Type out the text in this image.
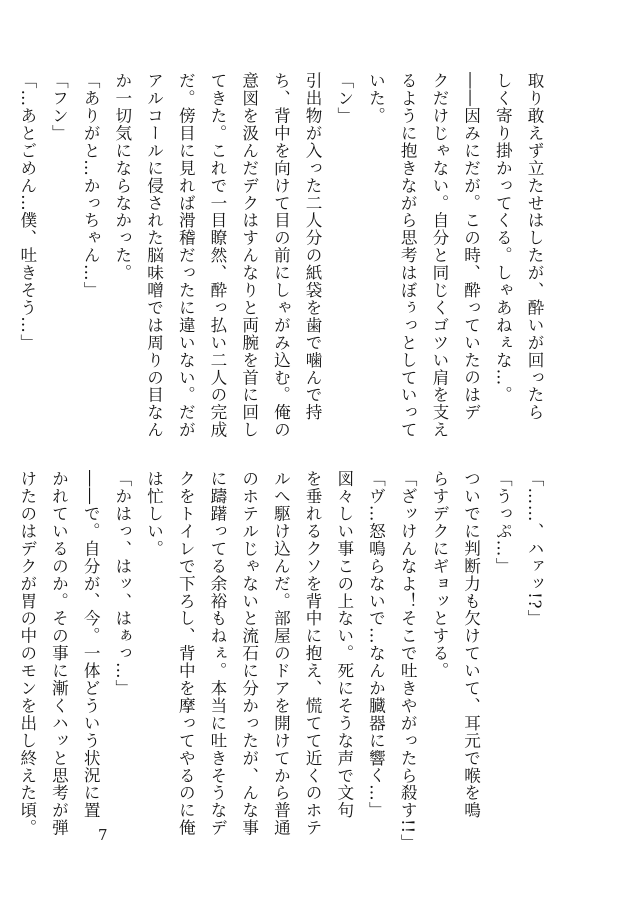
取り敢えず立たせはしたが、酔いが回ったら
しく寄り掛かってくる。しゃあねぇな…。
――因みにだが。この時、酔っていたのはデ
クだけじゃない。自分と同じくゴツい肩を支え
るように抱きながら思考はぼぅっとしていって
いた。
「ン」
引出物が入った二人分の紙袋を歯で噛んで持
ち、背中を向けて目の前にしゃがみ込む。俺の
意図を汲んだデクはすんなりと両腕を首に回し
てきた。これで一目瞭然、酔っ払い二人の完成
だ。傍目に見れば滑稽だったに違いない。だが
アルコールに侵された脳味噌では周りの目なん
か一切気にならなかった。
「ありがと…かっちゃん…」
「フン」
「…あとごめん…僕、吐きそう…」
「……、ハァッ!?」
「うっぷ…」
ついでに判断力も欠けていて、耳元で喉を鳴
らすデクにギョッとする。
「ざッけんなよ！そこで吐きやがったら殺す!!」
「ヴ…怒鳴らないで…なんか臓器に響く…」
図々しい事この上ない。死にそうな声で文句
を垂れるクソを背中に抱え、慌てて近くのホテ
ルへ駆け込んだ。部屋のドアを開けてから普通
のホテルじゃないと流石に分かったが、んな事
に躊躇ってる余裕もねぇ。本当に吐きそうなデ
クをトイレで下ろし、背中を摩ってやるのに俺
は忙しい。
「かはっ、はッ、はぁっ…」
――で。自分が、今。一体どういう状況に置
かれているのか。その事に漸くハッと思考が弾
けたのはデクが胃の中のモンを出し終えた頃。	7
